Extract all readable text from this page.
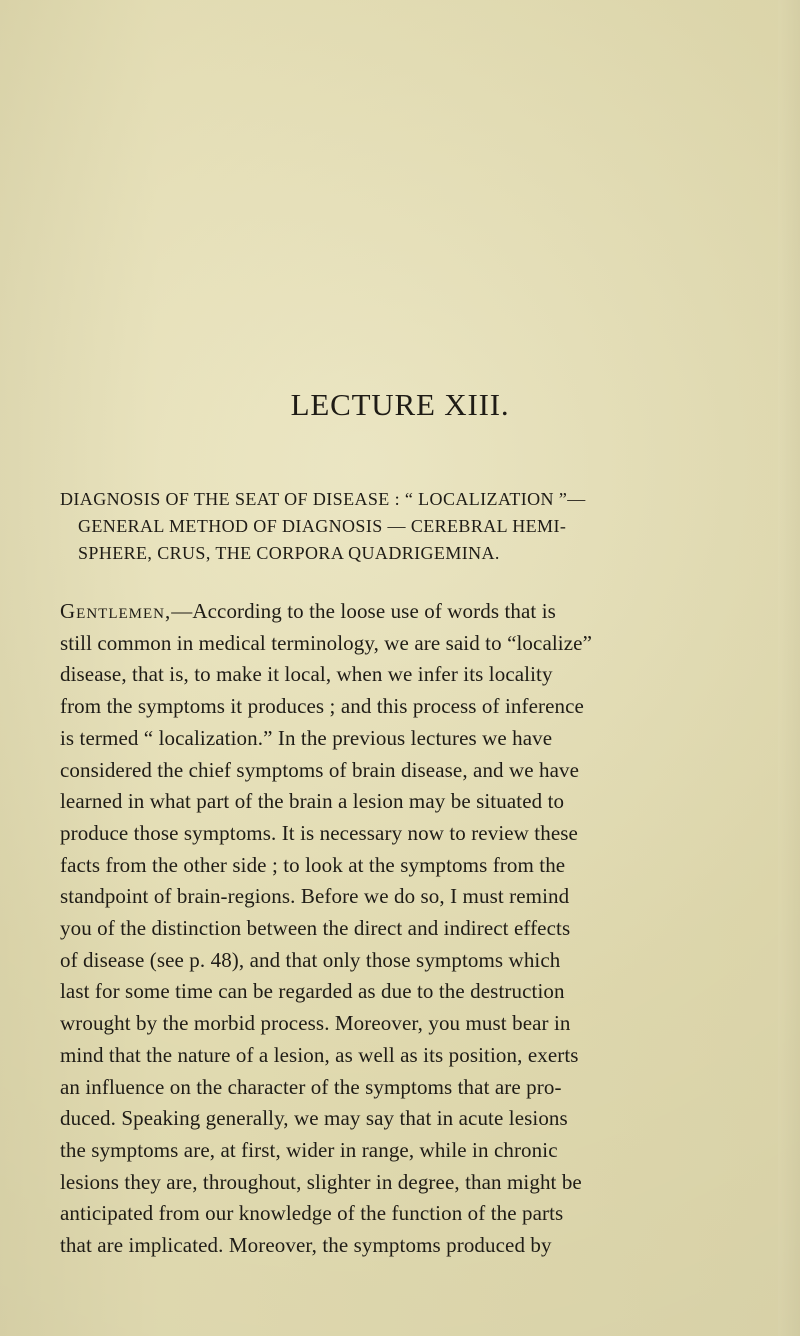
LECTURE XIII.
DIAGNOSIS OF THE SEAT OF DISEASE : “ LOCALIZATION ”—
GENERAL METHOD OF DIAGNOSIS — CEREBRAL HEMI-
SPHERE, CRUS, THE CORPORA QUADRIGEMINA.
Gentlemen,—According to the loose use of words that is
still common in medical terminology, we are said to “localize”
disease, that is, to make it local, when we infer its locality
from the symptoms it produces ; and this process of inference
is termed “ localization.” In the previous lectures we have
considered the chief symptoms of brain disease, and we have
learned in what part of the brain a lesion may be situated to
produce those symptoms. It is necessary now to review these
facts from the other side ; to look at the symptoms from the
standpoint of brain-regions. Before we do so, I must remind
you of the distinction between the direct and indirect effects
of disease (see p. 48), and that only those symptoms which
last for some time can be regarded as due to the destruction
wrought by the morbid process. Moreover, you must bear in
mind that the nature of a lesion, as well as its position, exerts
an influence on the character of the symptoms that are pro-
duced. Speaking generally, we may say that in acute lesions
the symptoms are, at first, wider in range, while in chronic
lesions they are, throughout, slighter in degree, than might be
anticipated from our knowledge of the function of the parts
that are implicated. Moreover, the symptoms produced by
